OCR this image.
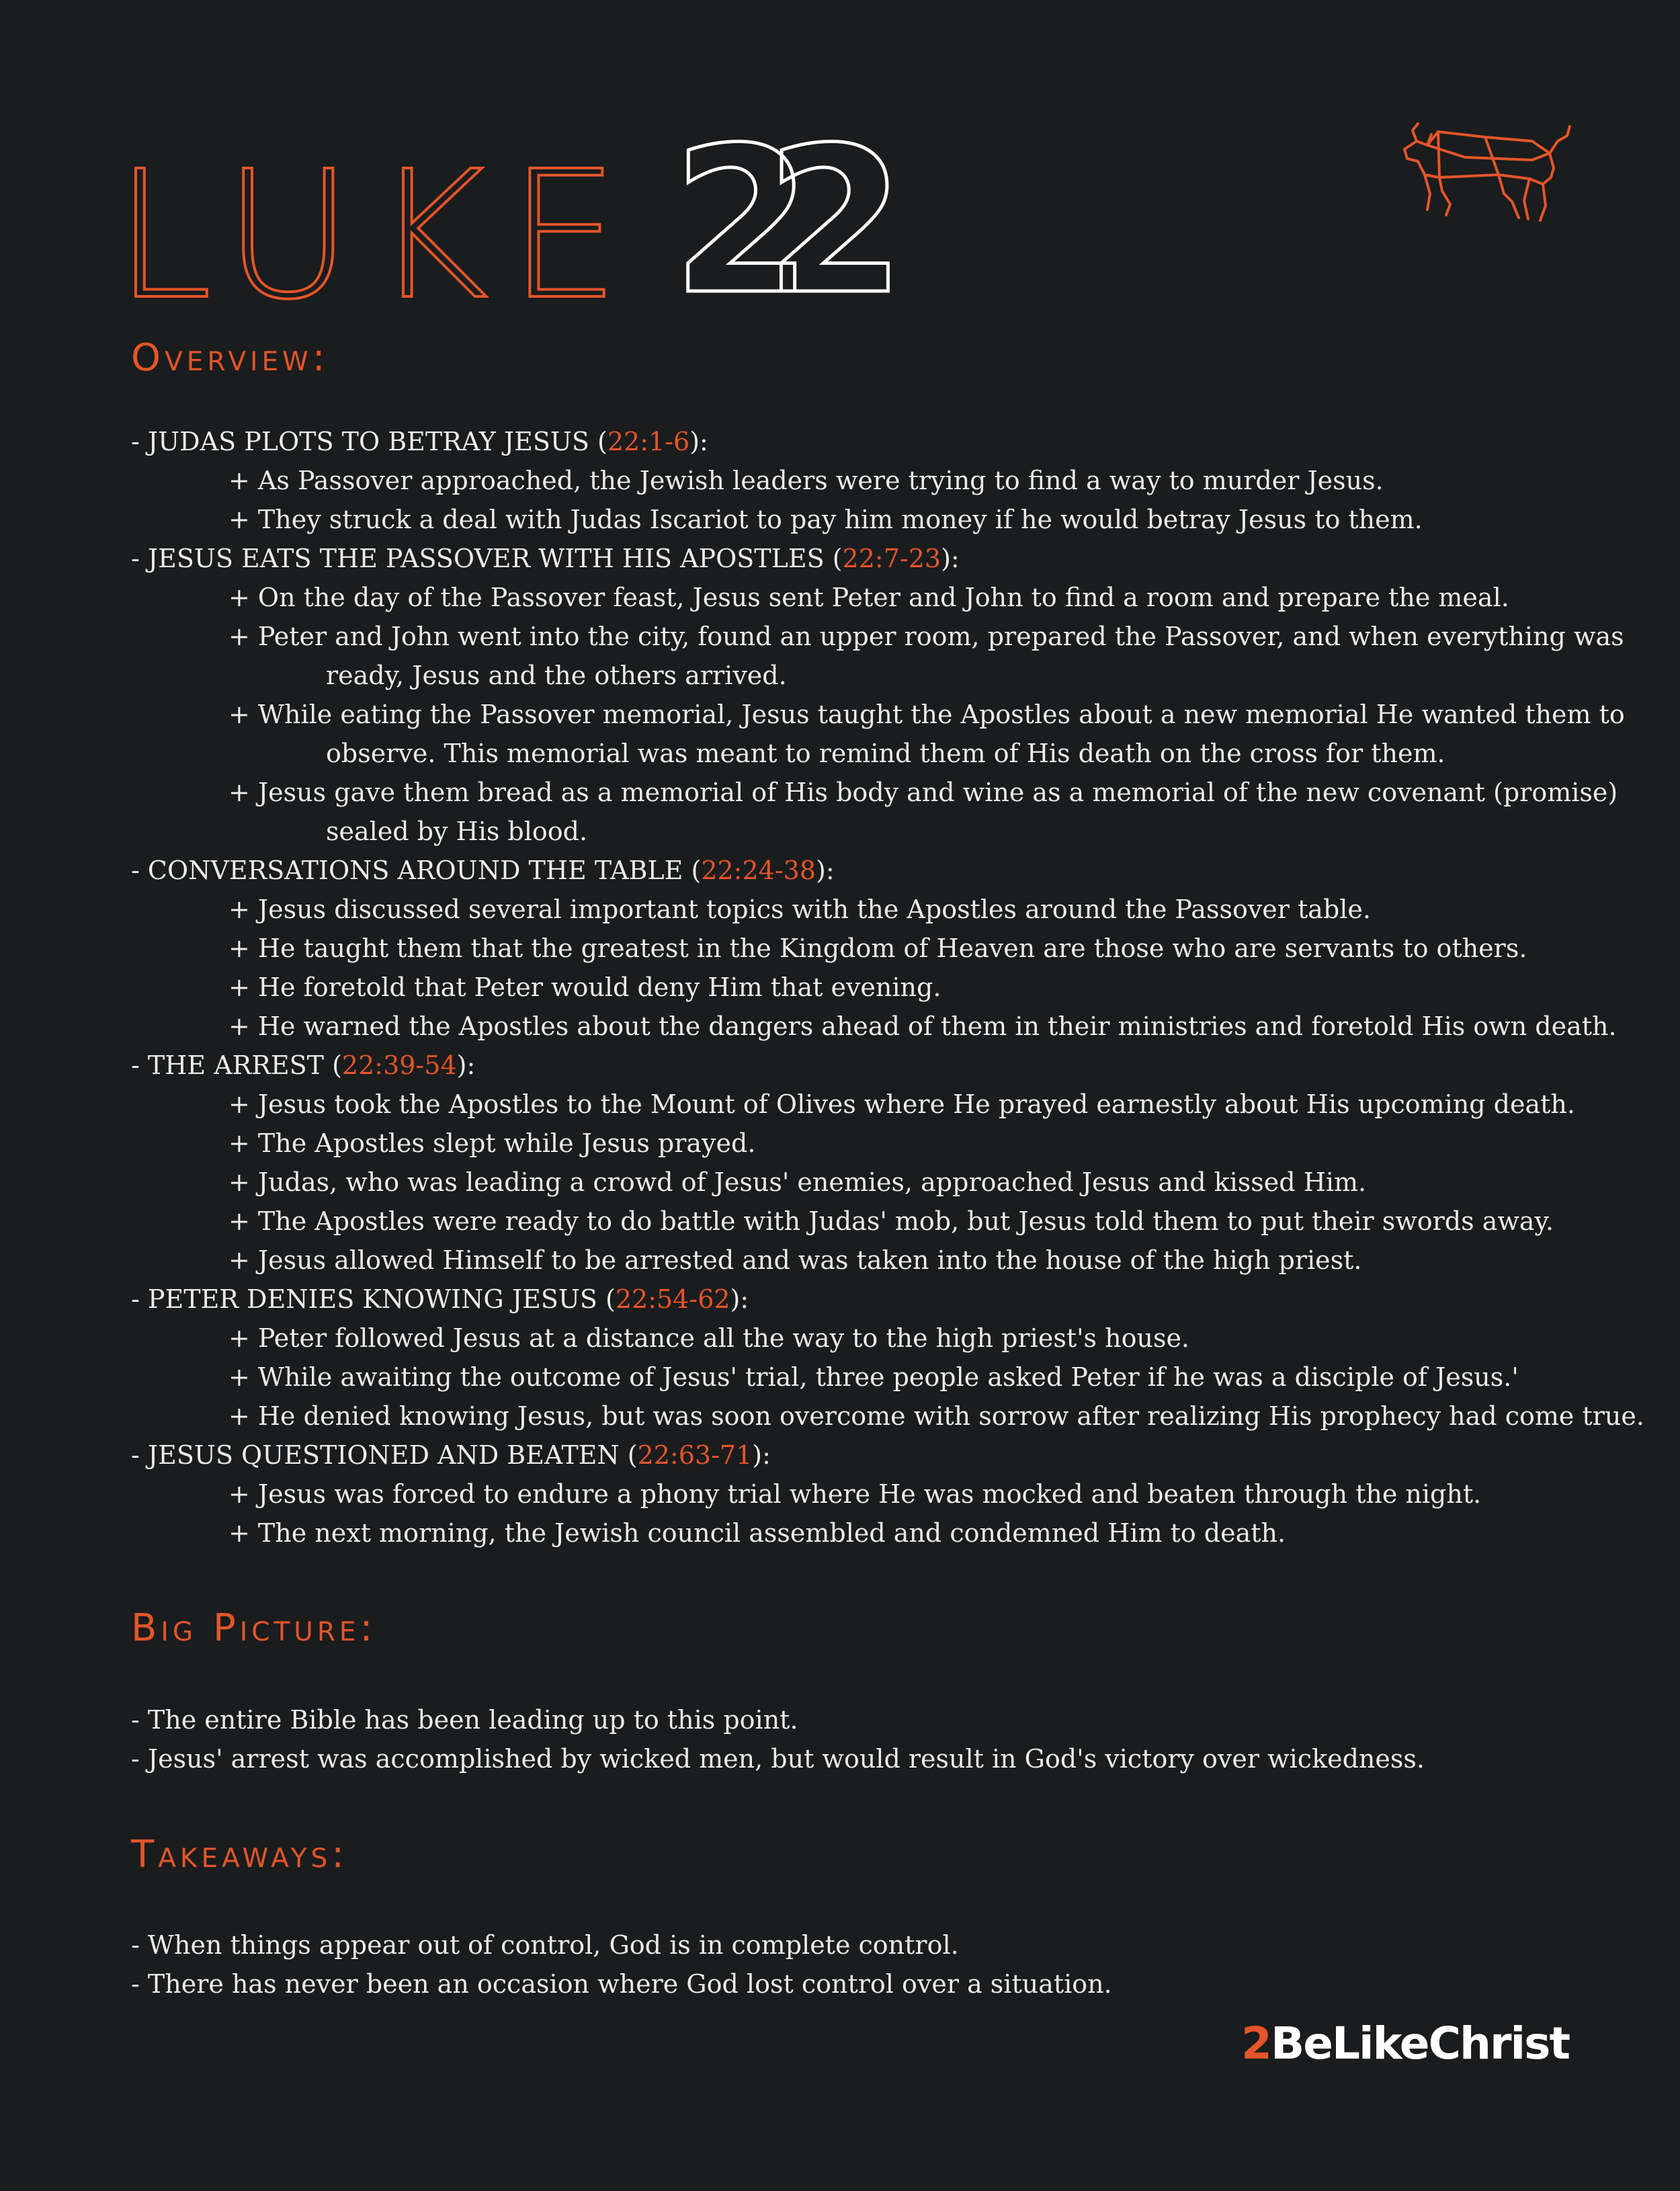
LUKE 22
Overview:
- JUDAS PLOTS TO BETRAY JESUS (22:1-6):
+ As Passover approached, the Jewish leaders were trying to find a way to murder Jesus.
+ They struck a deal with Judas Iscariot to pay him money if he would betray Jesus to them.
- JESUS EATS THE PASSOVER WITH HIS APOSTLES (22:7-23):
+ On the day of the Passover feast, Jesus sent Peter and John to find a room and prepare the meal.
+ Peter and John went into the city, found an upper room, prepared the Passover, and when everything was
ready, Jesus and the others arrived.
+ While eating the Passover memorial, Jesus taught the Apostles about a new memorial He wanted them to
observe. This memorial was meant to remind them of His death on the cross for them.
+ Jesus gave them bread as a memorial of His body and wine as a memorial of the new covenant (promise)
sealed by His blood.
- CONVERSATIONS AROUND THE TABLE (22:24-38):
+ Jesus discussed several important topics with the Apostles around the Passover table.
+ He taught them that the greatest in the Kingdom of Heaven are those who are servants to others.
+ He foretold that Peter would deny Him that evening.
+ He warned the Apostles about the dangers ahead of them in their ministries and foretold His own death.
- THE ARREST (22:39-54):
+ Jesus took the Apostles to the Mount of Olives where He prayed earnestly about His upcoming death.
+ The Apostles slept while Jesus prayed.
+ Judas, who was leading a crowd of Jesus' enemies, approached Jesus and kissed Him.
+ The Apostles were ready to do battle with Judas' mob, but Jesus told them to put their swords away.
+ Jesus allowed Himself to be arrested and was taken into the house of the high priest.
- PETER DENIES KNOWING JESUS (22:54-62):
+ Peter followed Jesus at a distance all the way to the high priest's house.
+ While awaiting the outcome of Jesus' trial, three people asked Peter if he was a disciple of Jesus.'
+ He denied knowing Jesus, but was soon overcome with sorrow after realizing His prophecy had come true.
- JESUS QUESTIONED AND BEATEN (22:63-71):
+ Jesus was forced to endure a phony trial where He was mocked and beaten through the night.
+ The next morning, the Jewish council assembled and condemned Him to death.
Big Picture:
- The entire Bible has been leading up to this point.
- Jesus' arrest was accomplished by wicked men, but would result in God's victory over wickedness.
Takeaways:
- When things appear out of control, God is in complete control.
- There has never been an occasion where God lost control over a situation.
2BeLikeChrist
